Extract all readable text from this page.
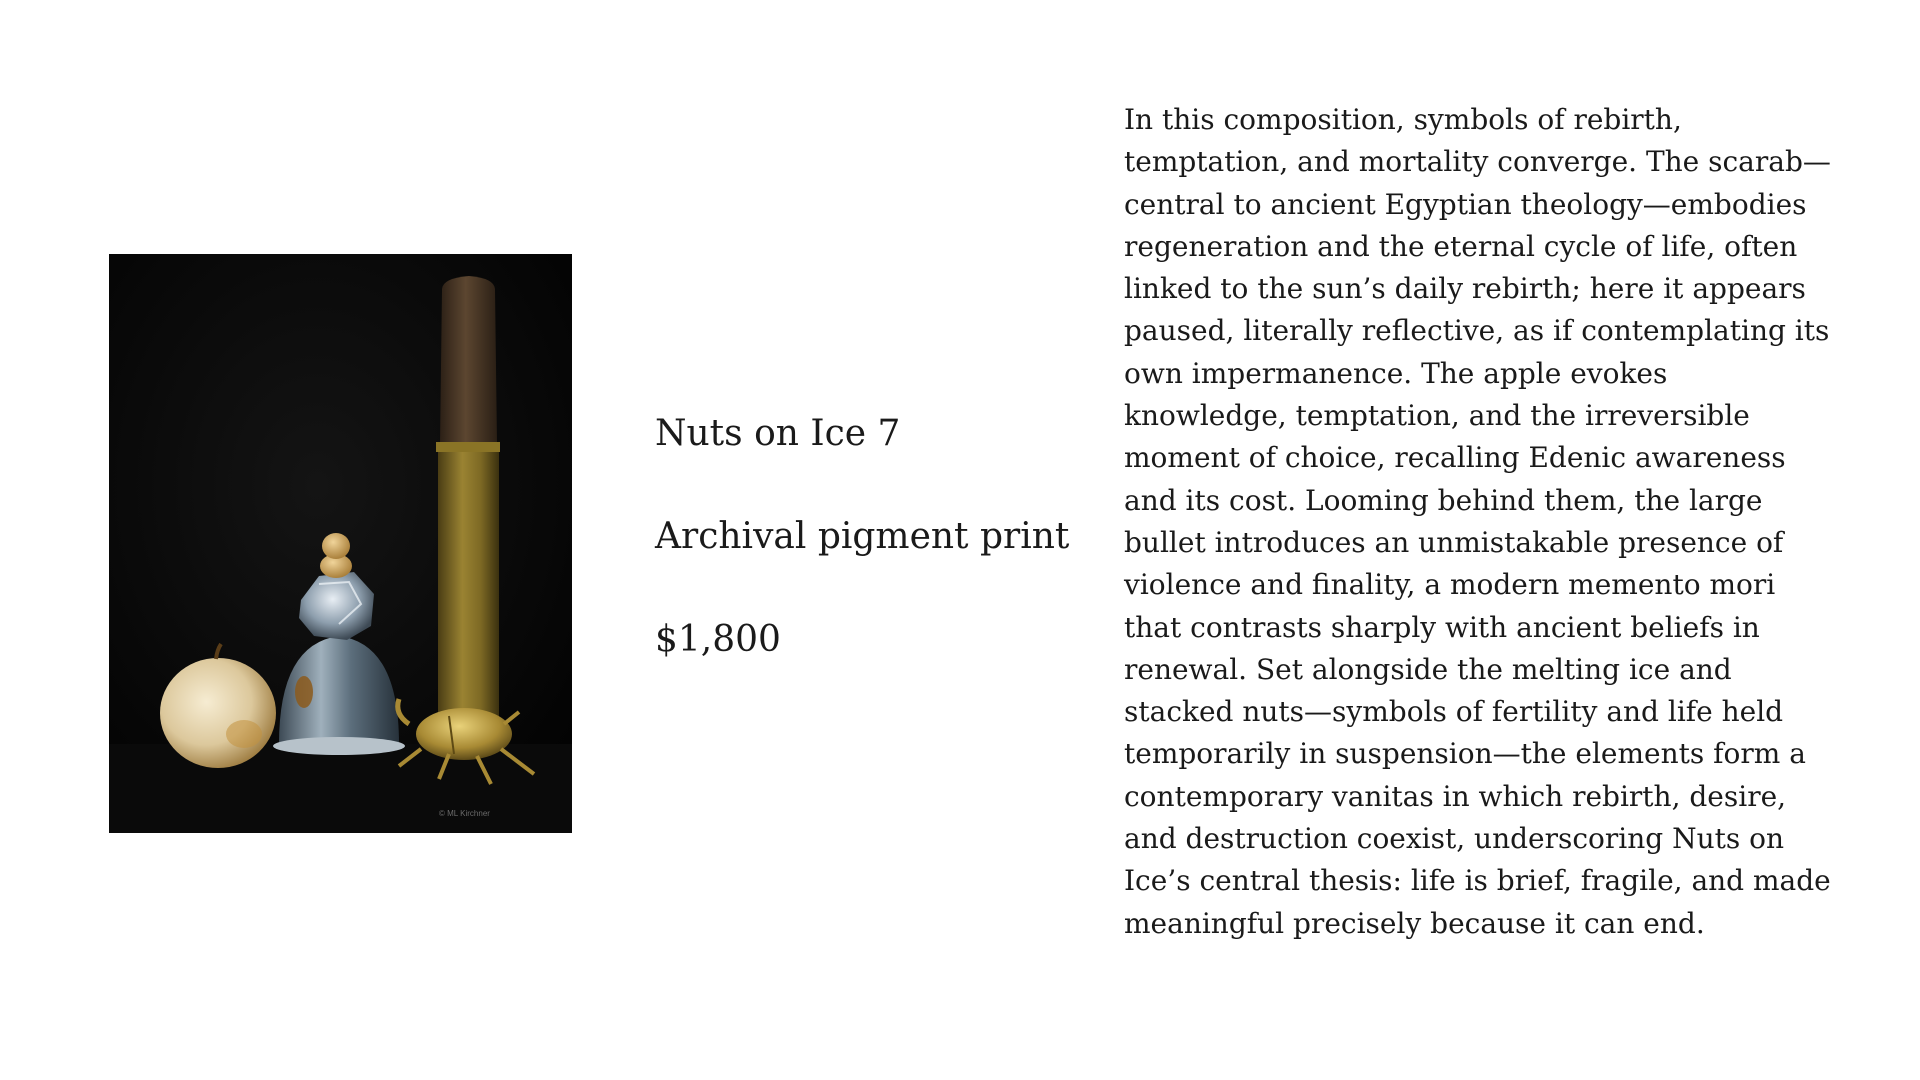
© ML Kirchner
Nuts on Ice 7
Archival pigment print
$1,800

In this composition, symbols of rebirth, temptation, and mortality converge. The scarab—central to ancient Egyptian theology—embodies regeneration and the eternal cycle of life, often linked to the sun’s daily rebirth; here it appears paused, literally reflective, as if contemplating its own impermanence. The apple evokes knowledge, temptation, and the irreversible moment of choice, recalling Edenic awareness and its cost. Looming behind them, the large bullet introduces an unmistakable presence of violence and finality, a modern memento mori that contrasts sharply with ancient beliefs in renewal. Set alongside the melting ice and stacked nuts—symbols of fertility and life held temporarily in suspension—the elements form a contemporary vanitas in which rebirth, desire, and destruction coexist, underscoring Nuts on Ice’s central thesis: life is brief, fragile, and made meaningful precisely because it can end.
